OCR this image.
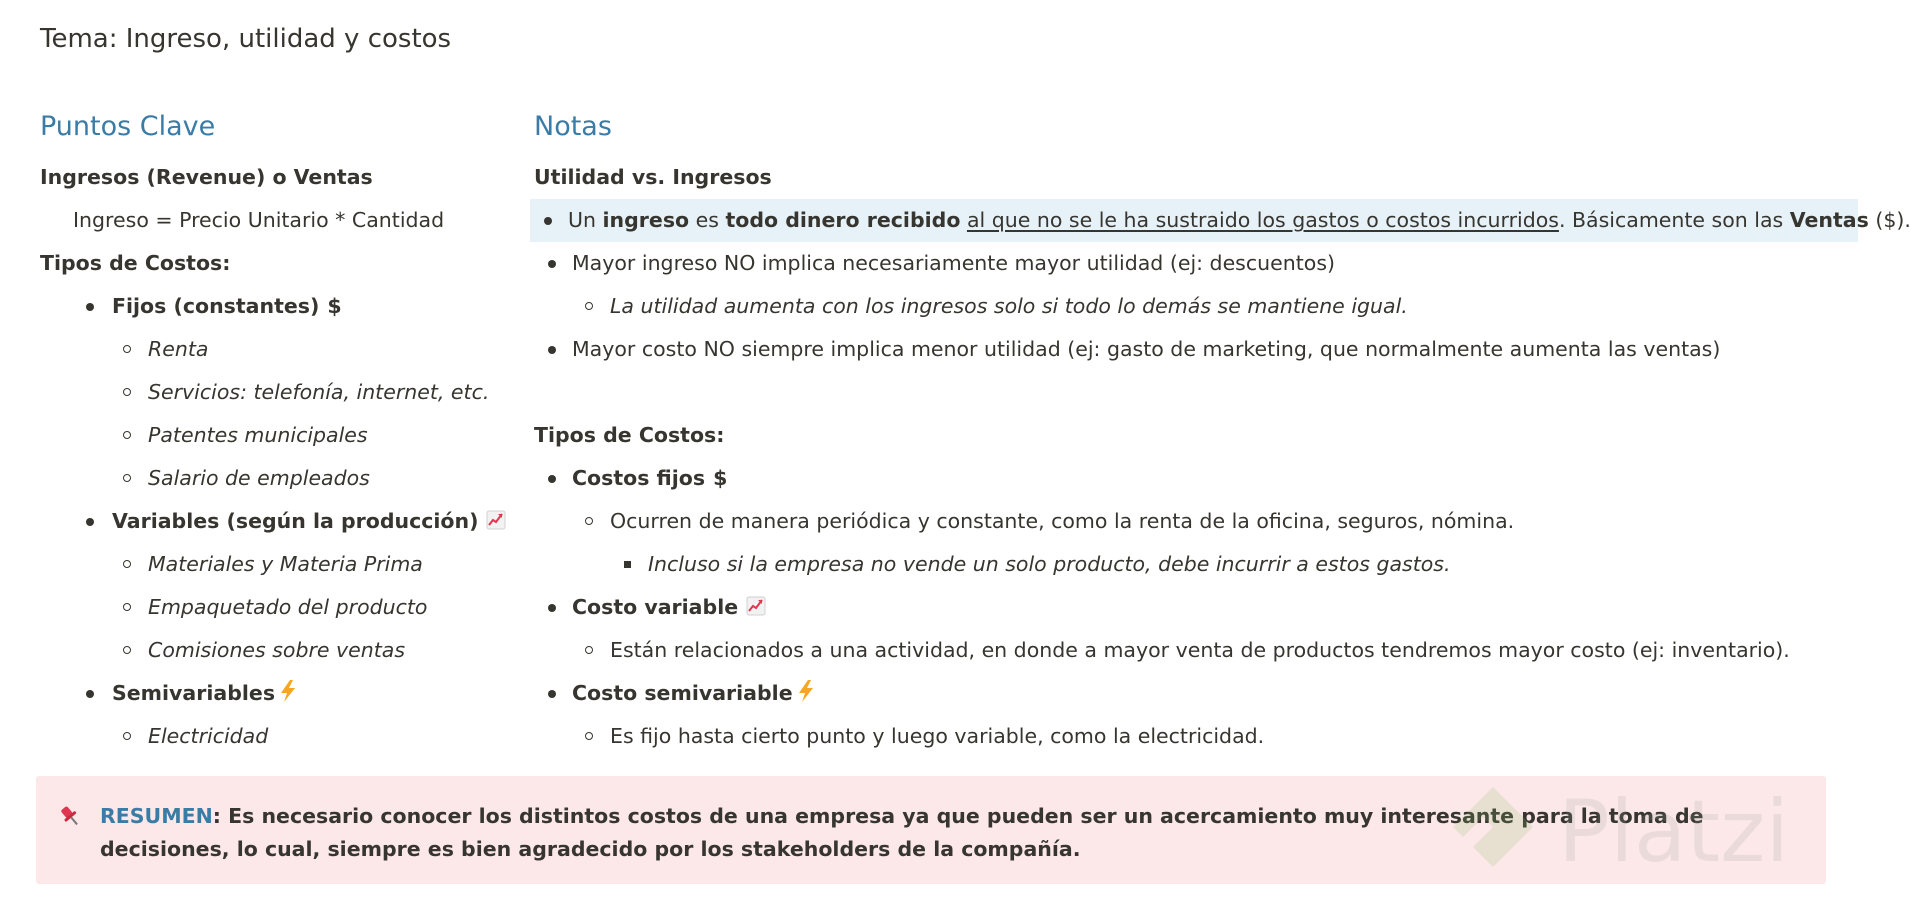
Tema: Ingreso, utilidad y costos
Puntos Clave
Ingresos (Revenue) o Ventas
Ingreso = Precio Unitario * Cantidad
Tipos de Costos:
Fijos (constantes) $
Renta
Servicios: telefonía, internet, etc.
Patentes municipales
Salario de empleados
Variables (según la producción)
Materiales y Materia Prima
Empaquetado del producto
Comisiones sobre ventas
Semivariables
Electricidad
Notas
Utilidad vs. Ingresos
Un ingreso es todo dinero recibido al que no se le ha sustraido los gastos o costos incurridos. Básicamente son las Ventas ($).
Mayor ingreso NO implica necesariamente mayor utilidad (ej: descuentos)
La utilidad aumenta con los ingresos solo si todo lo demás se mantiene igual.
Mayor costo NO siempre implica menor utilidad (ej: gasto de marketing, que normalmente aumenta las ventas)
Tipos de Costos:
Costos fijos $
Ocurren de manera periódica y constante, como la renta de la oficina, seguros, nómina.
Incluso si la empresa no vende un solo producto, debe incurrir a estos gastos.
Costo variable
Están relacionados a una actividad, en donde a mayor venta de productos tendremos mayor costo (ej: inventario).
Costo semivariable
Es fijo hasta cierto punto y luego variable, como la electricidad.
RESUMEN: Es necesario conocer los distintos costos de una empresa ya que pueden ser un acercamiento muy interesante para la toma de decisiones, lo cual, siempre es bien agradecido por los stakeholders de la compañía.
